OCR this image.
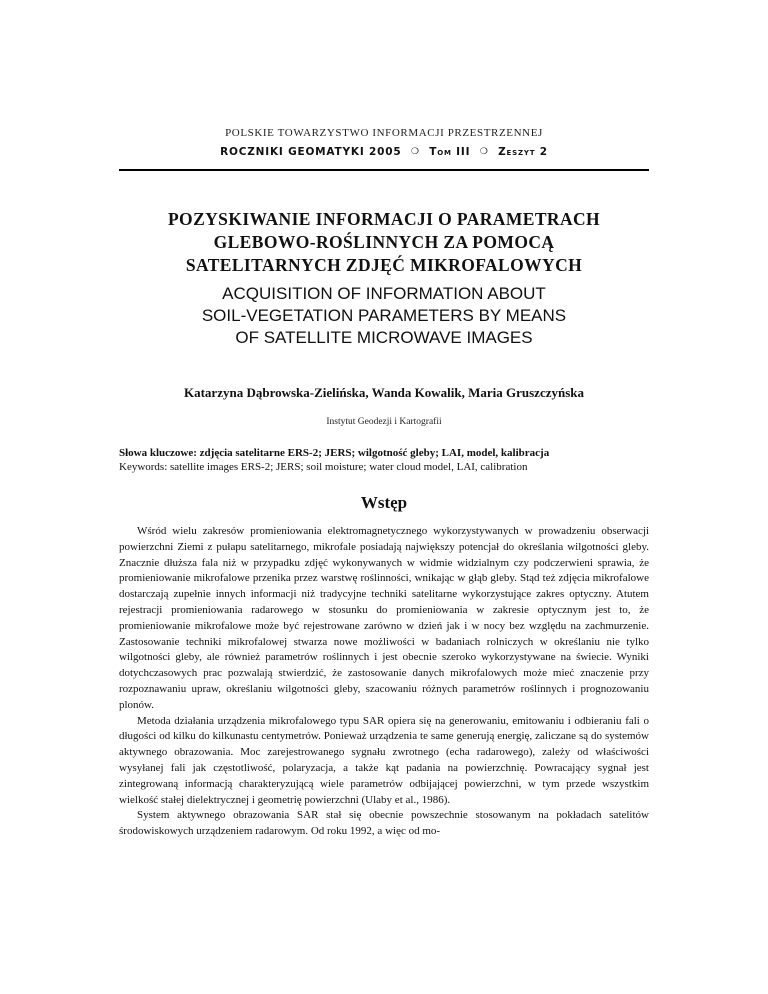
POLSKIE TOWARZYSTWO INFORMACJI PRZESTRZENNEJ
ROCZNIKI GEOMATYKI 2005 ❍ Tom III ❍ Zeszyt 2
POZYSKIWANIE INFORMACJI O PARAMETRACH
GLEBOWO-ROŚLINNYCH ZA POMOCĄ
SATELITARNYCH ZDJĘĆ MIKROFALOWYCH
ACQUISITION OF INFORMATION ABOUT
SOIL-VEGETATION PARAMETERS BY MEANS
OF SATELLITE MICROWAVE IMAGES
Katarzyna Dąbrowska-Zielińska, Wanda Kowalik, Maria Gruszczyńska
Instytut Geodezji i Kartografii
Słowa kluczowe: zdjęcia satelitarne ERS-2; JERS; wilgotność gleby; LAI, model, kalibracja
Keywords: satellite images ERS-2; JERS; soil moisture; water cloud model, LAI, calibration
Wstęp

Wśród wielu zakresów promieniowania elektromagnetycznego wykorzystywanych w prowadzeniu obserwacji powierzchni Ziemi z pułapu satelitarnego, mikrofale posiadają największy potencjał do określania wilgotności gleby. Znacznie dłuższa fala niż w przypadku zdjęć wykonywanych w widmie widzialnym czy podczerwieni sprawia, że promieniowanie mikrofalowe przenika przez warstwę roślinności, wnikając w głąb gleby. Stąd też zdjęcia mikrofalowe dostarczają zupełnie innych informacji niż tradycyjne techniki satelitarne wykorzystujące zakres optyczny. Atutem rejestracji promieniowania radarowego w stosunku do promieniowania w zakresie optycznym jest to, że promieniowanie mikrofalowe może być rejestrowane zarówno w dzień jak i w nocy bez względu na zachmurzenie. Zastosowanie techniki mikrofalowej stwarza nowe możliwości w badaniach rolniczych w określaniu nie tylko wilgotności gleby, ale również parametrów roślinnych i jest obecnie szeroko wykorzystywane na świecie. Wyniki dotychczasowych prac pozwalają stwierdzić, że zastosowanie danych mikrofalowych może mieć znaczenie przy rozpoznawaniu upraw, określaniu wilgotności gleby, szacowaniu różnych parametrów roślinnych i prognozowaniu plonów.

Metoda działania urządzenia mikrofalowego typu SAR opiera się na generowaniu, emitowaniu i odbieraniu fali o długości od kilku do kilkunastu centymetrów. Ponieważ urządzenia te same generują energię, zaliczane są do systemów aktywnego obrazowania. Moc zarejestrowanego sygnału zwrotnego (echa radarowego), zależy od właściwości wysyłanej fali jak częstotliwość, polaryzacja, a także kąt padania na powierzchnię. Powracający sygnał jest zintegrowaną informacją charakteryzującą wiele parametrów odbijającej powierzchni, w tym przede wszystkim wielkość stałej dielektrycznej i geometrię powierzchni (Ulaby et al., 1986).

System aktywnego obrazowania SAR stał się obecnie powszechnie stosowanym na pokładach satelitów środowiskowych urządzeniem radarowym. Od roku 1992, a więc od mo-
